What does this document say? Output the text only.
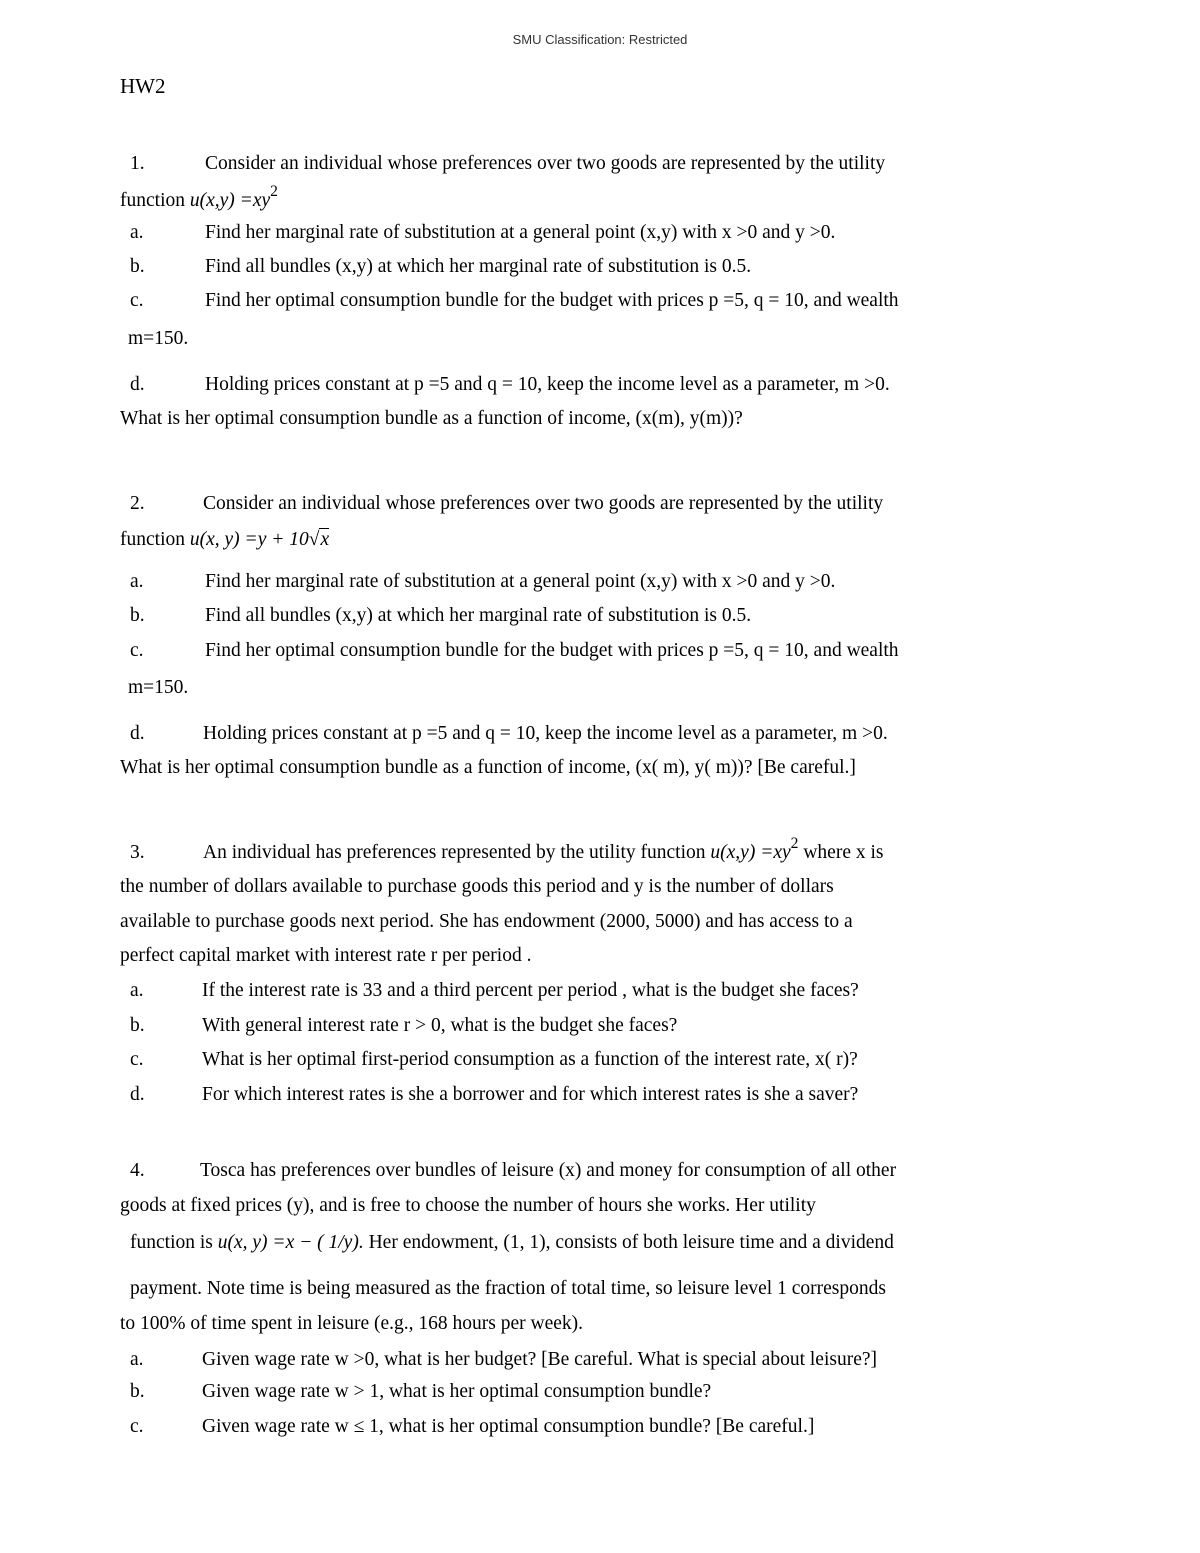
SMU Classification: Restricted
HW2
1.	Consider an individual whose preferences over two goods are represented by the utility
function $u(x,y) =xy^2$
a.	Find her marginal rate of substitution at a general point (x,y) with x >0 and y >0.
b.	Find all bundles (x,y) at which her marginal rate of substitution is 0.5.
c.	Find her optimal consumption bundle for the budget with prices p =5, q = 10, and wealth
m=150.
d.	Holding prices constant at p =5 and q = 10, keep the income level as a parameter, m >0.
What is her optimal consumption bundle as a function of income, (x(m), y(m))?
2.	Consider an individual whose preferences over two goods are represented by the utility
function u(x, y) =y + 10√x
a.	Find her marginal rate of substitution at a general point (x,y) with x >0 and y >0.
b.	Find all bundles (x,y) at which her marginal rate of substitution is 0.5.
c.	Find her optimal consumption bundle for the budget with prices p =5, q = 10, and wealth
m=150.
d.	Holding prices constant at p =5 and q = 10, keep the income level as a parameter, m >0.
What is her optimal consumption bundle as a function of income, (x( m), y( m))? [Be careful.]
3.	An individual has preferences represented by the utility function $u(x,y) =xy^2$ where x is
the number of dollars available to purchase goods this period and y is the number of dollars
available to purchase goods next period. She has endowment (2000, 5000) and has access to a
perfect capital market with interest rate r per period .
a.	If the interest rate is 33 and a third percent per period , what is the budget she faces?
b.	With general interest rate r > 0, what is the budget she faces?
c.	What is her optimal first-period consumption as a function of the interest rate, x( r)?
d.	For which interest rates is she a borrower and for which interest rates is she a saver?
4.	Tosca has preferences over bundles of leisure (x) and money for consumption of all other
goods at fixed prices (y), and is free to choose the number of hours she works. Her utility
function is u(x, y) =x − ( 1/y). Her endowment, (1, 1), consists of both leisure time and a dividend
payment. Note time is being measured as the fraction of total time, so leisure level 1 corresponds
to 100% of time spent in leisure (e.g., 168 hours per week).
a.	Given wage rate w >0, what is her budget? [Be careful. What is special about leisure?]
b.	Given wage rate w > 1, what is her optimal consumption bundle?
c.	Given wage rate w ≤ 1, what is her optimal consumption bundle? [Be careful.]
